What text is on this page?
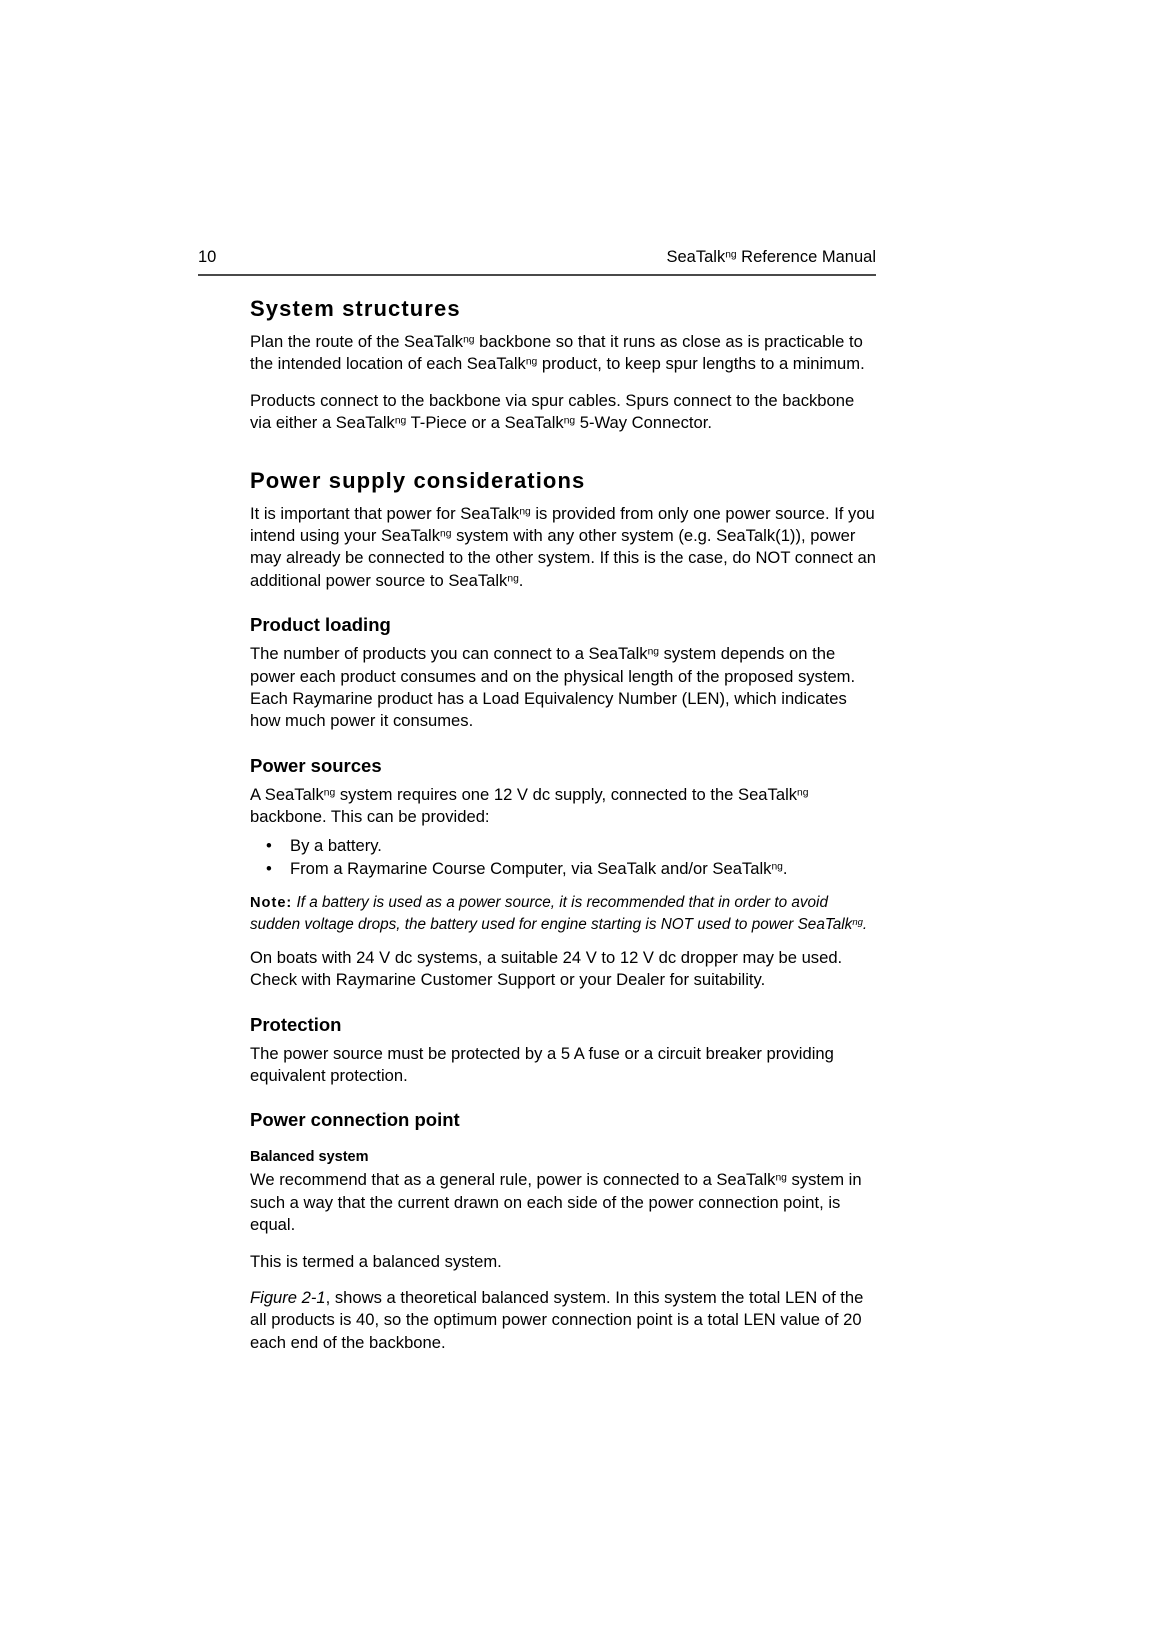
10	SeaTalk$^{ng}$ Reference Manual
System structures

Plan the route of the SeaTalk$^{ng}$ backbone so that it runs as close as is practicable to the intended location of each SeaTalk$^{ng}$ product, to keep spur lengths to a minimum.

Products connect to the backbone via spur cables. Spurs connect to the backbone via either a SeaTalk$^{ng}$ T-Piece or a SeaTalk$^{ng}$ 5-Way Connector.

Power supply considerations

It is important that power for SeaTalk$^{ng}$ is provided from only one power source. If you intend using your SeaTalk$^{ng}$ system with any other system (e.g. SeaTalk(1)), power may already be connected to the other system. If this is the case, do NOT connect an additional power source to SeaTalk$^{ng}$.

Product loading

The number of products you can connect to a SeaTalk$^{ng}$ system depends on the power each product consumes and on the physical length of the proposed system. Each Raymarine product has a Load Equivalency Number (LEN), which indicates how much power it consumes.

Power sources

A SeaTalk$^{ng}$ system requires one 12 V dc supply, connected to the SeaTalk$^{ng}$ backbone. This can be provided:

• By a battery.
• From a Raymarine Course Computer, via SeaTalk and/or SeaTalk$^{ng}$.

Note: If a battery is used as a power source, it is recommended that in order to avoid sudden voltage drops, the battery used for engine starting is NOT used to power SeaTalk$^{ng}$.

On boats with 24 V dc systems, a suitable 24 V to 12 V dc dropper may be used. Check with Raymarine Customer Support or your Dealer for suitability.

Protection

The power source must be protected by a 5 A fuse or a circuit breaker providing equivalent protection.

Power connection point
Balanced system

We recommend that as a general rule, power is connected to a SeaTalk$^{ng}$ system in such a way that the current drawn on each side of the power connection point, is equal.

This is termed a balanced system.

Figure 2-1, shows a theoretical balanced system. In this system the total LEN of the all products is 40, so the optimum power connection point is a total LEN value of 20 each end of the backbone.
